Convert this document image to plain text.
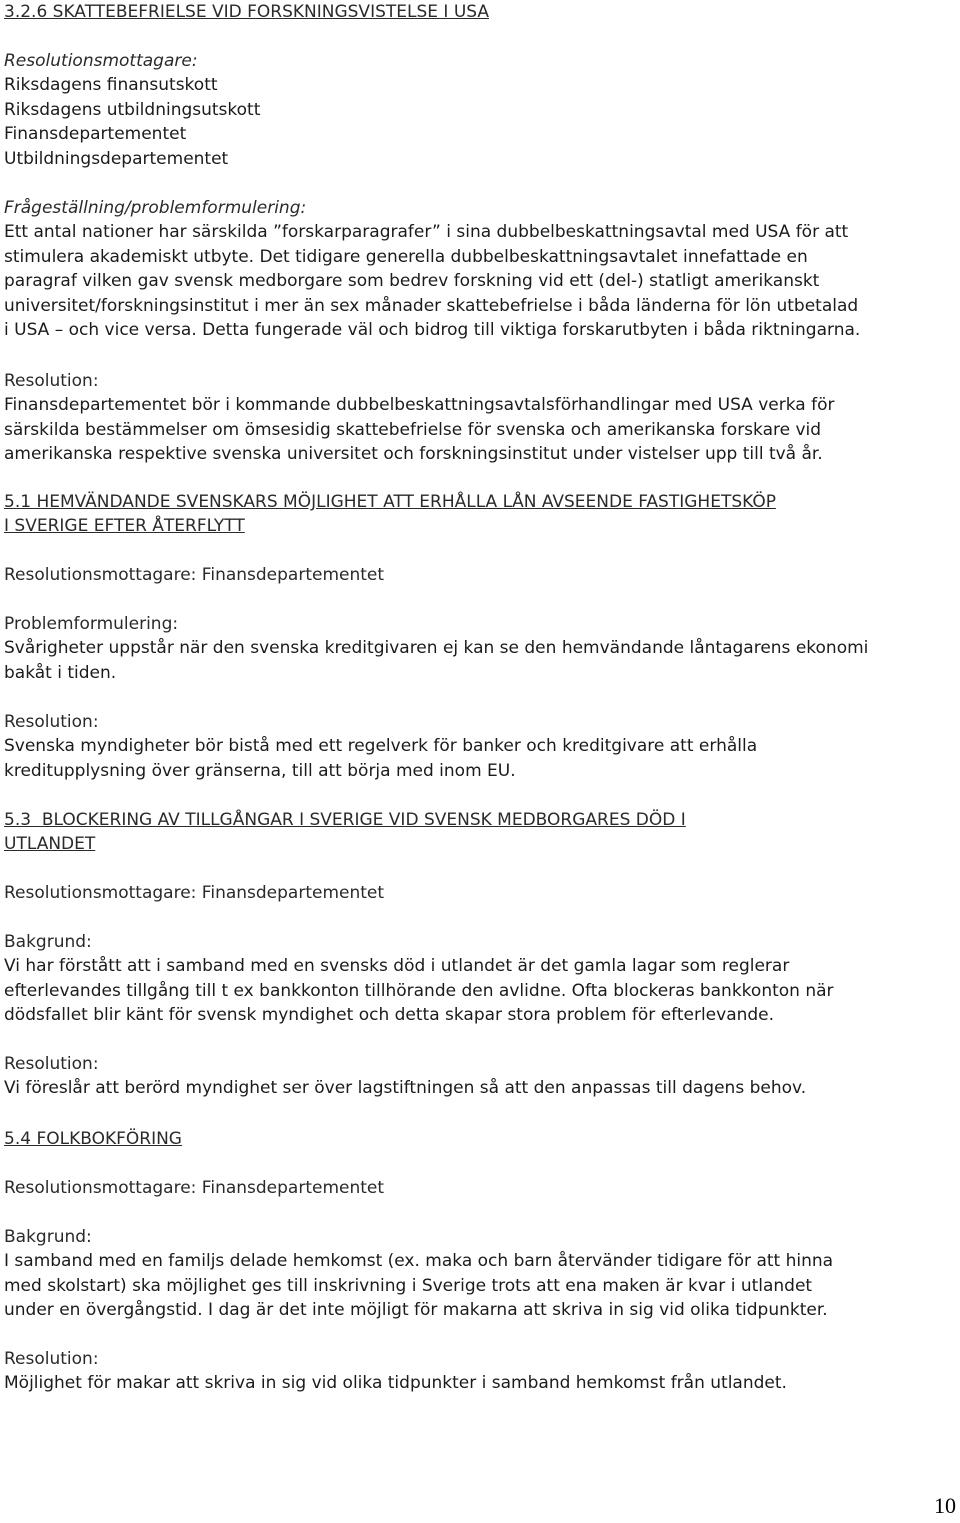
3.2.6 SKATTEBEFRIELSE VID FORSKNINGSVISTELSE I USA
Resolutionsmottagare:
Riksdagens finansutskott
Riksdagens utbildningsutskott
Finansdepartementet
Utbildningsdepartementet
Frågeställning/problemformulering:
Ett antal nationer har särskilda ”forskarparagrafer” i sina dubbelbeskattningsavtal med USA för att
stimulera akademiskt utbyte. Det tidigare generella dubbelbeskattningsavtalet innefattade en
paragraf vilken gav svensk medborgare som bedrev forskning vid ett (del-) statligt amerikanskt
universitet/forskningsinstitut i mer än sex månader skattebefrielse i båda länderna för lön utbetalad
i USA – och vice versa. Detta fungerade väl och bidrog till viktiga forskarutbyten i båda riktningarna.
Resolution:
Finansdepartementet bör i kommande dubbelbeskattningsavtalsförhandlingar med USA verka för
särskilda bestämmelser om ömsesidig skattebefrielse för svenska och amerikanska forskare vid
amerikanska respektive svenska universitet och forskningsinstitut under vistelser upp till två år.
5.1 HEMVÄNDANDE SVENSKARS MÖJLIGHET ATT ERHÅLLA LÅN AVSEENDE FASTIGHETSKÖP
I SVERIGE EFTER ÅTERFLYTT
Resolutionsmottagare: Finansdepartementet
Problemformulering:
Svårigheter uppstår när den svenska kreditgivaren ej kan se den hemvändande låntagarens ekonomi
bakåt i tiden.
Resolution:
Svenska myndigheter bör bistå med ett regelverk för banker och kreditgivare att erhålla
kreditupplysning över gränserna, till att börja med inom EU.
5.3  BLOCKERING AV TILLGÅNGAR I SVERIGE VID SVENSK MEDBORGARES DÖD I
UTLANDET
Resolutionsmottagare: Finansdepartementet
Bakgrund:
Vi har förstått att i samband med en svensks död i utlandet är det gamla lagar som reglerar
efterlevandes tillgång till t ex bankkonton tillhörande den avlidne. Ofta blockeras bankkonton när
dödsfallet blir känt för svensk myndighet och detta skapar stora problem för efterlevande.
Resolution:
Vi föreslår att berörd myndighet ser över lagstiftningen så att den anpassas till dagens behov.
5.4 FOLKBOKFÖRING
Resolutionsmottagare: Finansdepartementet
Bakgrund:
I samband med en familjs delade hemkomst (ex. maka och barn återvänder tidigare för att hinna
med skolstart) ska möjlighet ges till inskrivning i Sverige trots att ena maken är kvar i utlandet
under en övergångstid. I dag är det inte möjligt för makarna att skriva in sig vid olika tidpunkter.
Resolution:
Möjlighet för makar att skriva in sig vid olika tidpunkter i samband hemkomst från utlandet.
10
